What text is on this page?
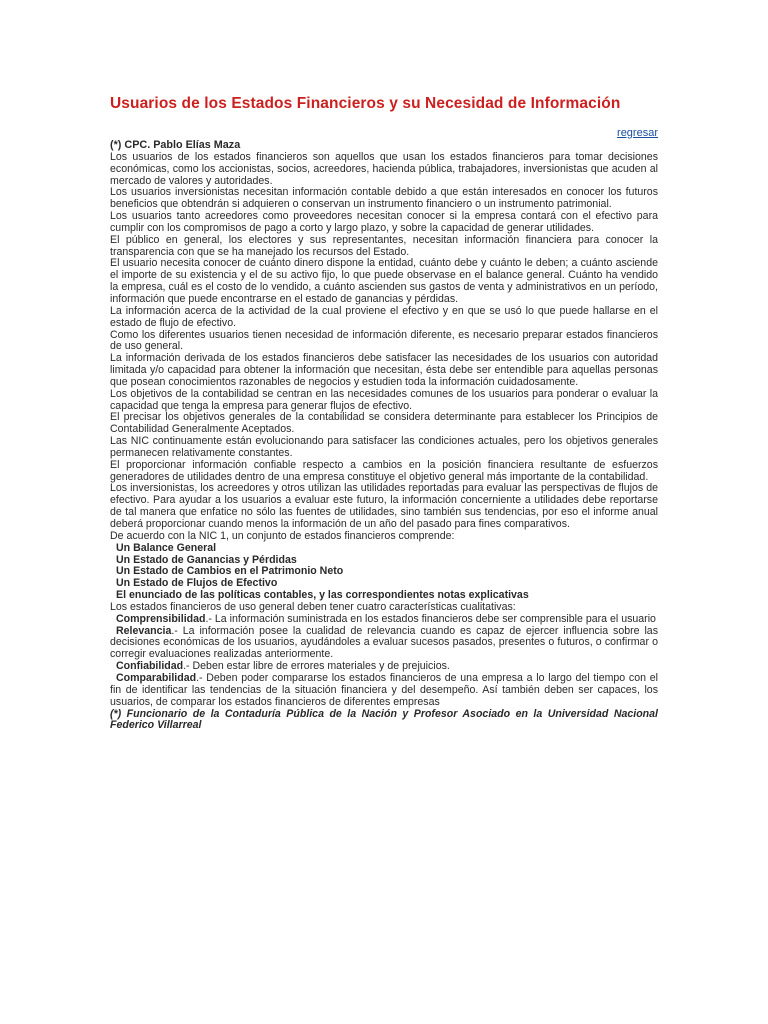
Usuarios de los Estados Financieros y su Necesidad de Información
regresar

(*) CPC. Pablo Elías Maza

Los usuarios de los estados financieros son aquellos que usan los estados financieros para tomar decisiones económicas, como los accionistas, socios, acreedores, hacienda pública, trabajadores, inversionistas que acuden al mercado de valores y autoridades.

Los usuarios inversionistas necesitan información contable debido a que están interesados en conocer los futuros beneficios que obtendrán si adquieren o conservan un instrumento financiero o un instrumento patrimonial.

Los usuarios tanto acreedores como proveedores necesitan conocer si la empresa contará con el efectivo para cumplir con los compromisos de pago a corto y largo plazo, y sobre la capacidad de generar utilidades.

El público en general, los electores y sus representantes, necesitan información financiera para conocer la transparencia con que se ha manejado los recursos del Estado.

El usuario necesita conocer de cuánto dinero dispone la entidad, cuánto debe y cuánto le deben; a cuánto asciende el importe de su existencia y el de su activo fijo, lo que puede observase en el balance general. Cuánto ha vendido la empresa, cuál es el costo de lo vendido, a cuánto ascienden sus gastos de venta y administrativos en un período, información que puede encontrarse en el estado de ganancias y pérdidas.

La información acerca de la actividad de la cual proviene el efectivo y en que se usó lo que puede hallarse en el estado de flujo de efectivo.

Como los diferentes usuarios tienen necesidad de información diferente, es necesario preparar estados financieros de uso general.

La información derivada de los estados financieros debe satisfacer las necesidades de los usuarios con autoridad limitada y/o capacidad para obtener la información que necesitan, ésta debe ser entendible para aquellas personas que posean conocimientos razonables de negocios y estudien toda la información cuidadosamente.

Los objetivos de la contabilidad se centran en las necesidades comunes de los usuarios para ponderar o evaluar la capacidad que tenga la empresa para generar flujos de efectivo.

El precisar los objetivos generales de la contabilidad se considera determinante para establecer los Principios de Contabilidad Generalmente Aceptados.

Las NIC continuamente están evolucionando para satisfacer las condiciones actuales, pero los objetivos generales permanecen relativamente constantes.

El proporcionar información confiable respecto a cambios en la posición financiera resultante de esfuerzos generadores de utilidades dentro de una empresa constituye el objetivo general más importante de la contabilidad.

Los inversionistas, los acreedores y otros utilizan las utilidades reportadas para evaluar las perspectivas de flujos de efectivo. Para ayudar a los usuarios a evaluar este futuro, la información concerniente a utilidades debe reportarse de tal manera que enfatice no sólo las fuentes de utilidades, sino también sus tendencias, por eso el informe anual deberá proporcionar cuando menos la información de un año del pasado para fines comparativos.

De acuerdo con la NIC 1, un conjunto de estados financieros comprende:

Un Balance General

Un Estado de Ganancias y Pérdidas

Un Estado de Cambios en el Patrimonio Neto

Un Estado de Flujos de Efectivo

El enunciado de las políticas contables, y las correspondientes notas explicativas

Los estados financieros de uso general deben tener cuatro características cualitativas:

Comprensibilidad.- La información suministrada en los estados financieros debe ser comprensible para el usuario

Relevancia.- La información posee la cualidad de relevancia cuando es capaz de ejercer influencia sobre las decisiones económicas de los usuarios, ayudándoles a evaluar sucesos pasados, presentes o futuros, o confirmar o corregir evaluaciones realizadas anteriormente.

Confiabilidad.- Deben estar libre de errores materiales y de prejuicios.

Comparabilidad.- Deben poder compararse los estados financieros de una empresa a lo largo del tiempo con el fin de identificar las tendencias de la situación financiera y del desempeño. Así también deben ser capaces, los usuarios, de comparar los estados financieros de diferentes empresas

(*) Funcionario de la Contaduría Pública de la Nación y Profesor Asociado en la Universidad Nacional Federico Villarreal
